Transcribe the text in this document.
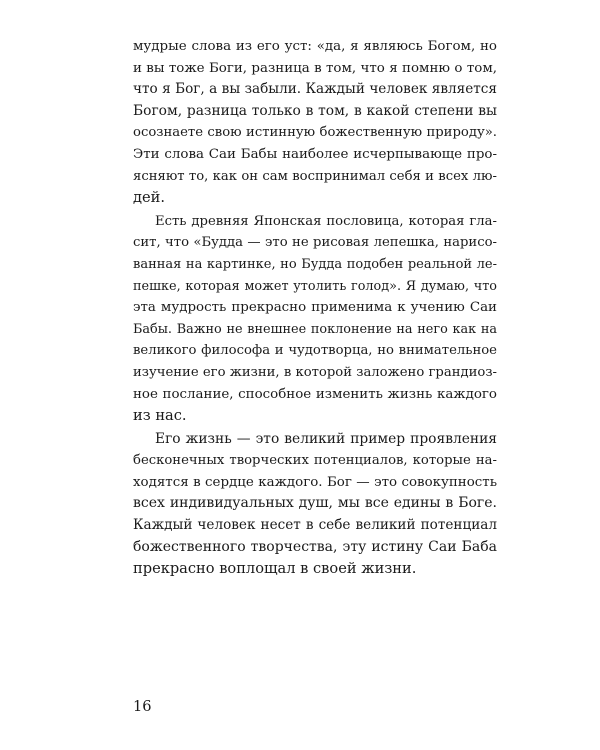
мудрые слова из его уст: «да, я являюсь Богом, но
и вы тоже Боги, разница в том, что я помню о том,
что я Бог, а вы забыли. Каждый человек является
Богом, разница только в том, в какой степени вы
осознаете свою истинную божественную природу».
Эти слова Саи Бабы наиболее исчерпывающе про-
ясняют то, как он сам воспринимал себя и всех лю-
дей.

Есть древняя Японская пословица, которая гла-
сит, что «Будда — это не рисовая лепешка, нарисо-
ванная на картинке, но Будда подобен реальной ле-
пешке, которая может утолить голод». Я думаю, что
эта мудрость прекрасно применима к учению Саи
Бабы. Важно не внешнее поклонение на него как на
великого философа и чудотворца, но внимательное
изучение его жизни, в которой заложено грандиоз-
ное послание, способное изменить жизнь каждого
из нас.

Его жизнь — это великий пример проявления
бесконечных творческих потенциалов, которые на-
ходятся в сердце каждого. Бог — это совокупность
всех индивидуальных душ, мы все едины в Боге.
Каждый человек несет в себе великий потенциал
божественного творчества, эту истину Саи Баба
прекрасно воплощал в своей жизни.

16
